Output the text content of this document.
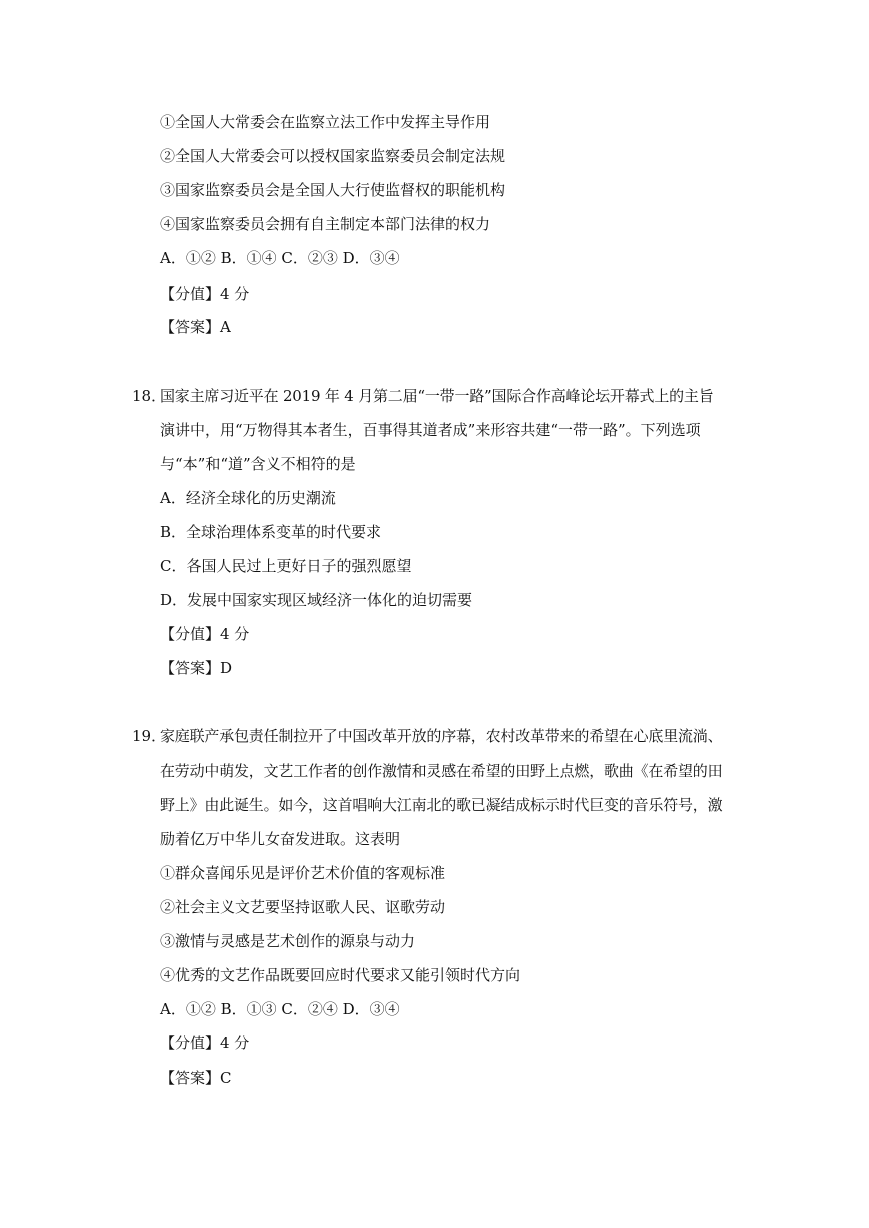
①全国人大常委会在监察立法工作中发挥主导作用
②全国人大常委会可以授权国家监察委员会制定法规
③国家监察委员会是全国人大行使监督权的职能机构
④国家监察委员会拥有自主制定本部门法律的权力
A．①② B．①④ C．②③ D．③④
【分值】4 分
【答案】A
18．国家主席习近平在 2019 年 4 月第二届“一带一路”国际合作高峰论坛开幕式上的主旨
演讲中，用“万物得其本者生，百事得其道者成”来形容共建“一带一路”。下列选项
与“本”和“道”含义不相符的是
A．经济全球化的历史潮流
B．全球治理体系变革的时代要求
C．各国人民过上更好日子的强烈愿望
D．发展中国家实现区域经济一体化的迫切需要
【分值】4 分
【答案】D
19．家庭联产承包责任制拉开了中国改革开放的序幕，农村改革带来的希望在心底里流淌、
在劳动中萌发，文艺工作者的创作激情和灵感在希望的田野上点燃，歌曲《在希望的田
野上》由此诞生。如今，这首唱响大江南北的歌已凝结成标示时代巨变的音乐符号，激
励着亿万中华儿女奋发进取。这表明
①群众喜闻乐见是评价艺术价值的客观标准
②社会主义文艺要坚持讴歌人民、讴歌劳动
③激情与灵感是艺术创作的源泉与动力
④优秀的文艺作品既要回应时代要求又能引领时代方向
A．①② B．①③ C．②④ D．③④
【分值】4 分
【答案】C
